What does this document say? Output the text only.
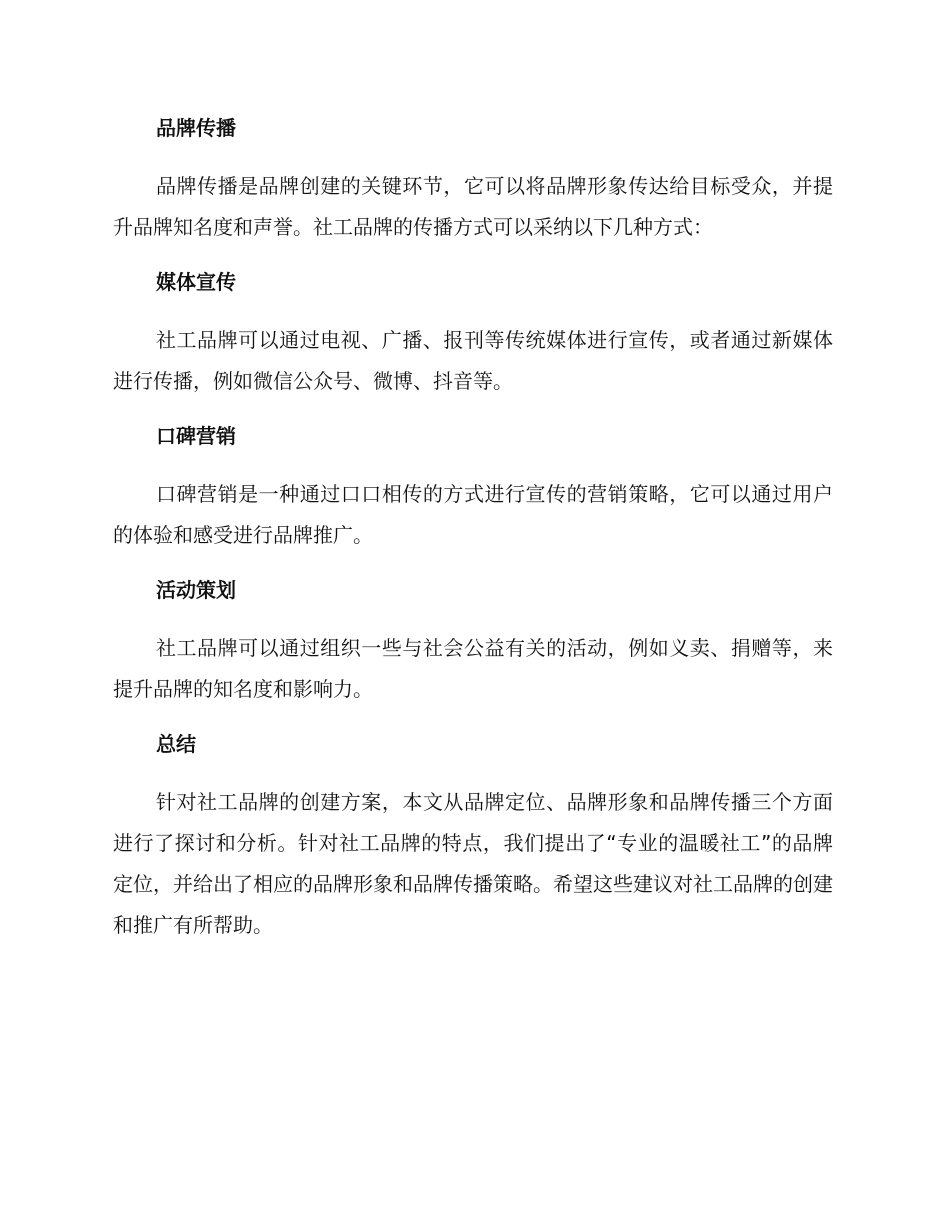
品牌传播

品牌传播是品牌创建的关键环节，它可以将品牌形象传达给目标受众，并提升品牌知名度和声誉。社工品牌的传播方式可以采纳以下几种方式：

媒体宣传

社工品牌可以通过电视、广播、报刊等传统媒体进行宣传，或者通过新媒体进行传播，例如微信公众号、微博、抖音等。

口碑营销

口碑营销是一种通过口口相传的方式进行宣传的营销策略，它可以通过用户的体验和感受进行品牌推广。

活动策划

社工品牌可以通过组织一些与社会公益有关的活动，例如义卖、捐赠等，来提升品牌的知名度和影响力。

总结

针对社工品牌的创建方案，本文从品牌定位、品牌形象和品牌传播三个方面进行了探讨和分析。针对社工品牌的特点，我们提出了“专业的温暖社工”的品牌定位，并给出了相应的品牌形象和品牌传播策略。希望这些建议对社工品牌的创建和推广有所帮助。
